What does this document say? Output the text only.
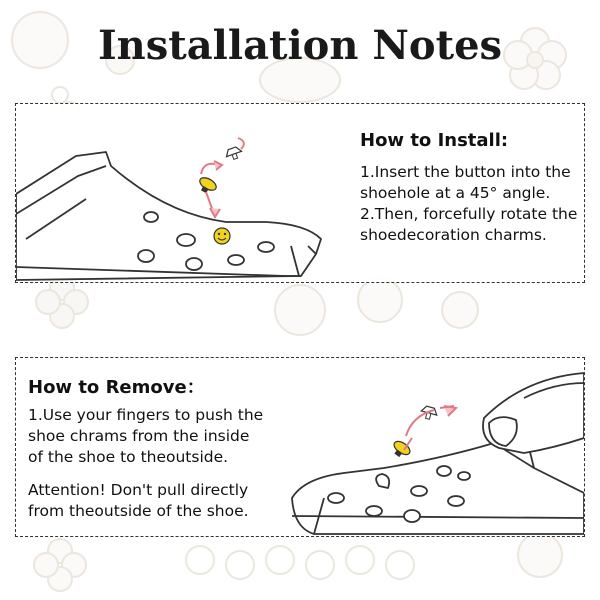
Installation Notes
How to Install:

1.Insert the button into the shoehole at a 45° angle.

2.Then, forcefully rotate the shoedecoration charms.

How to Remove：

1.Use your fingers to push the shoe chrams from the inside of the shoe to theoutside.

Attention! Don't pull directly from theoutside of the shoe.
